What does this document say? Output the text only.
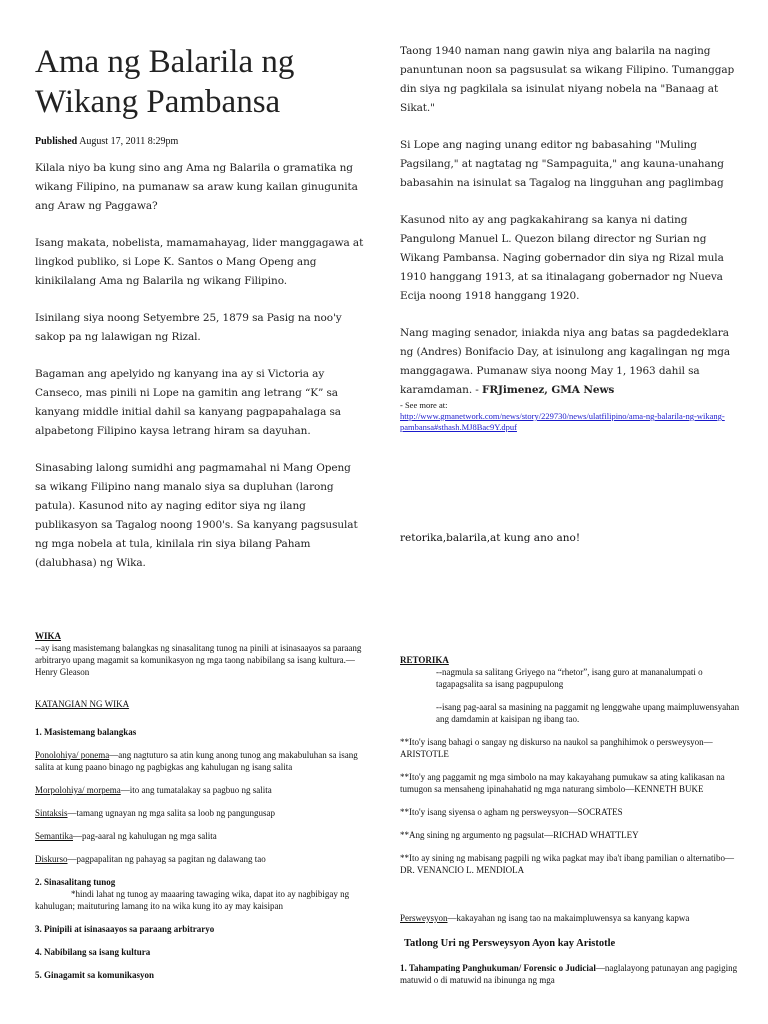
Ama ng Balarila ng Wikang Pambansa
Published August 17, 2011 8:29pm

Kilala niyo ba kung sino ang Ama ng Balarila o gramatika ng wikang Filipino, na pumanaw sa araw kung kailan ginugunita ang Araw ng Paggawa?

Isang makata, nobelista, mamamahayag, lider manggagawa at lingkod publiko, si Lope K. Santos o Mang Openg ang kinikilalang Ama ng Balarila ng wikang Filipino.

Isinilang siya noong Setyembre 25, 1879 sa Pasig na noo'y sakop pa ng lalawigan ng Rizal.

Bagaman ang apelyido ng kanyang ina ay si Victoria ay Canseco, mas pinili ni Lope na gamitin ang letrang “K” sa kanyang middle initial dahil sa kanyang pagpapahalaga sa alpabetong Filipino kaysa letrang hiram sa dayuhan.

Sinasabing lalong sumidhi ang pagmamahal ni Mang Openg sa wikang Filipino nang manalo siya sa dupluhan (larong patula). Kasunod nito ay naging editor siya ng ilang publikasyon sa Tagalog noong 1900's. Sa kanyang pagsusulat ng mga nobela at tula, kinilala rin siya bilang Paham (dalubhasa) ng Wika.

Taong 1940 naman nang gawin niya ang balarila na naging panuntunan noon sa pagsusulat sa wikang Filipino. Tumanggap din siya ng pagkilala sa isinulat niyang nobela na "Banaag at Sikat."

Si Lope ang naging unang editor ng babasahing "Muling Pagsilang," at nagtatag ng "Sampaguita," ang kauna-unahang babasahin na isinulat sa Tagalog na lingguhan ang paglimbag

Kasunod nito ay ang pagkakahirang sa kanya ni dating Pangulong Manuel L. Quezon bilang director ng Surian ng Wikang Pambansa. Naging gobernador din siya ng Rizal mula 1910 hanggang 1913, at sa itinalagang gobernador ng Nueva Ecija noong 1918 hanggang 1920.

Nang maging senador, iniakda niya ang batas sa pagdedeklara ng (Andres) Bonifacio Day, at isinulong ang kagalingan ng mga manggagawa. Pumanaw siya noong May 1, 1963 dahil sa karamdaman. - FRJimenez, GMA News

- See more at:
http://www.gmanetwork.com/news/story/229730/news/ulatfilipino/ama-ng-balarila-ng-wikang-pambansa#sthash.MJ8Bac9Y.dpuf
retorika,balarila,at kung ano ano!

WIKA

--ay isang masistemang balangkas ng sinasalitang tunog na pinili at isinasaayos sa paraang arbitraryo upang magamit sa komunikasyon ng mga taong nabibilang sa isang kultura.—Henry Gleason

KATANGIAN NG WIKA

1. Masistemang balangkas

Ponolohiya/ ponema—ang nagtuturo sa atin kung anong tunog ang makabuluhan sa isang salita at kung paano binago ng pagbigkas ang kahulugan ng isang salita

Morpolohiya/ morpema—ito ang tumatalakay sa pagbuo ng salita

Sintaksis—tamang ugnayan ng mga salita sa loob ng pangungusap

Semantika—pag-aaral ng kahulugan ng mga salita

Diskurso—pagpapalitan ng pahayag sa pagitan ng dalawang tao

2. Sinasalitang tunog

*hindi lahat ng tunog ay maaaring tawaging wika, dapat ito ay nagbibigay ng kahulugan; maituturing lamang ito na wika kung ito ay may kaisipan

3. Pinipili at isinasaayos sa paraang arbitraryo

4. Nabibilang sa isang kultura

5. Ginagamit sa komunikasyon

RETORIKA

--nagmula sa salitang Griyego na “rhetor”, isang guro at mananalumpati o tagapagsalita sa isang pagpupulong

--isang pag-aaral sa masining na paggamit ng lenggwahe upang maimpluwensyahan ang damdamin at kaisipan ng ibang tao.

**Ito'y isang bahagi o sangay ng diskurso na naukol sa panghihimok o persweysyon—ARISTOTLE

**Ito'y ang paggamit ng mga simbolo na may kakayahang pumukaw sa ating kalikasan na tumugon sa mensaheng ipinahahatid ng mga naturang simbolo—KENNETH BUKE

**Ito'y isang siyensa o agham ng persweysyon—SOCRATES

**Ang sining ng argumento ng pagsulat—RICHAD WHATTLEY

**Ito ay sining ng mabisang pagpili ng wika pagkat may iba't ibang pamilian o alternatibo—DR. VENANCIO L. MENDIOLA

Persweysyon—kakayahan ng isang tao na makaimpluwensya sa kanyang kapwa

Tatlong Uri ng Persweysyon Ayon kay Aristotle

1. Tahampating Panghukuman/ Forensic o Judicial—naglalayong patunayan ang pagiging matuwid o di matuwid na ibinunga ng mga
